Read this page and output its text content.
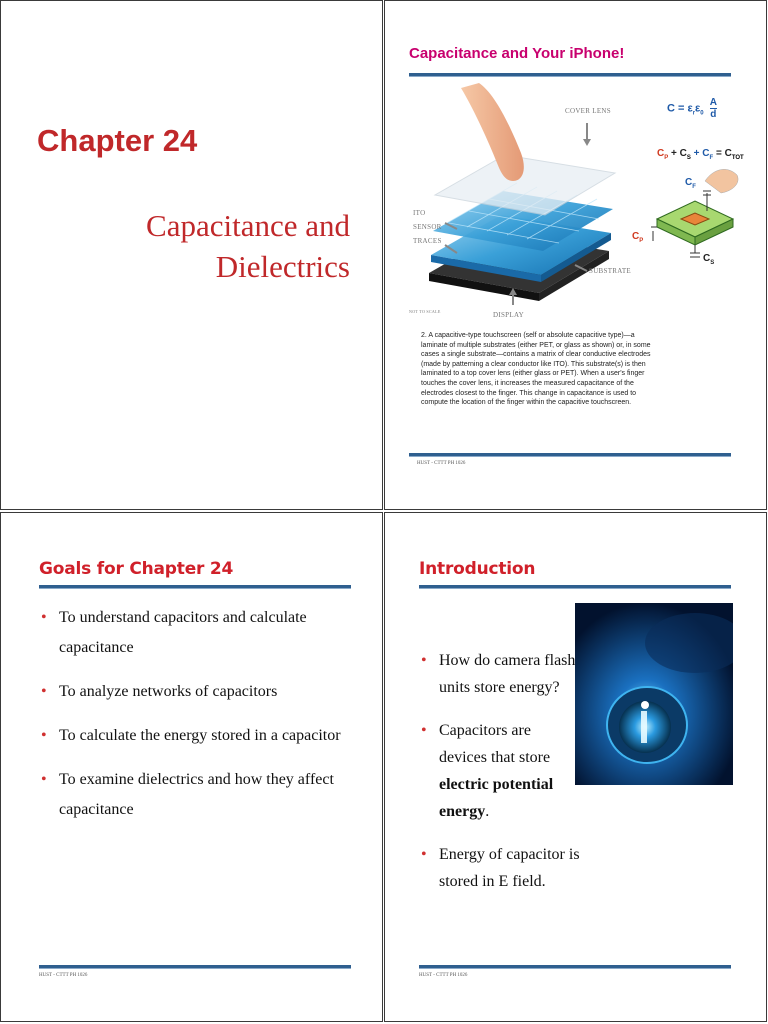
Chapter 24
Capacitance and
Dielectrics
Capacitance and Your iPhone!
COVER LENS
ITO
SENSOR
TRACES
SUBSTRATE
DISPLAY
NOT TO SCALE
$C = \varepsilon_r\varepsilon_0 \frac{A}{d}$
$C_P + C_S + C_F = C_{TOT}$
$C_F$
$C_P$
$C_S$
2. A capacitive-type touchscreen (self or absolute capacitive type)—a laminate of multiple substrates (either PET, or glass as shown) or, in some cases a single substrate—contains a matrix of clear conductive electrodes (made by patterning a clear conductor like ITO). This substrate(s) is then laminated to a top cover lens (either glass or PET). When a user's finger touches the cover lens, it increases the measured capacitance of the electrodes closest to the finger. This change in capacitance is used to compute the location of the finger within the capacitive touchscreen.
HUST - CTTT PH 1026
Goals for Chapter 24
• To understand capacitors and calculate capacitance
• To analyze networks of capacitors
• To calculate the energy stored in a capacitor
• To examine dielectrics and how they affect capacitance
HUST - CTTT PH 1026
Introduction
• How do camera flash units store energy?
• Capacitors are devices that store electric potential energy.
• Energy of capacitor is stored in E field.
HUST - CTTT PH 1026
